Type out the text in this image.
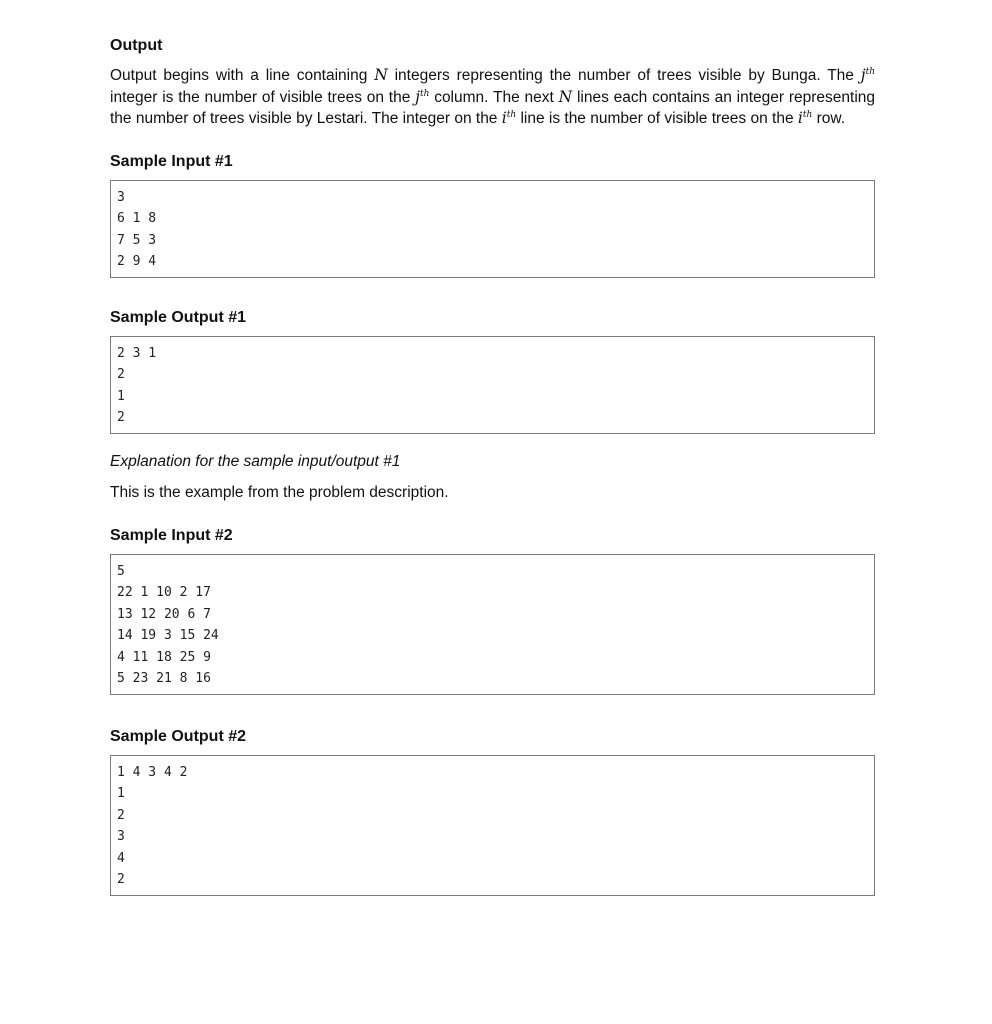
Output

Output begins with a line containing N integers representing the number of trees visible by Bunga. The $j^{th}$ integer is the number of visible trees on the $j^{th}$ column. The next N lines each contains an integer representing the number of trees visible by Lestari. The integer on the $i^{th}$ line is the number of visible trees on the $i^{th}$ row.

Sample Input #1
3
6 1 8
7 5 3
2 9 4
Sample Output #1
2 3 1
2
1
2

Explanation for the sample input/output #1

This is the example from the problem description.

Sample Input #2
5
22 1 10 2 17
13 12 20 6 7
14 19 3 15 24
4 11 18 25 9
5 23 21 8 16
Sample Output #2
1 4 3 4 2
1
2
3
4
2
